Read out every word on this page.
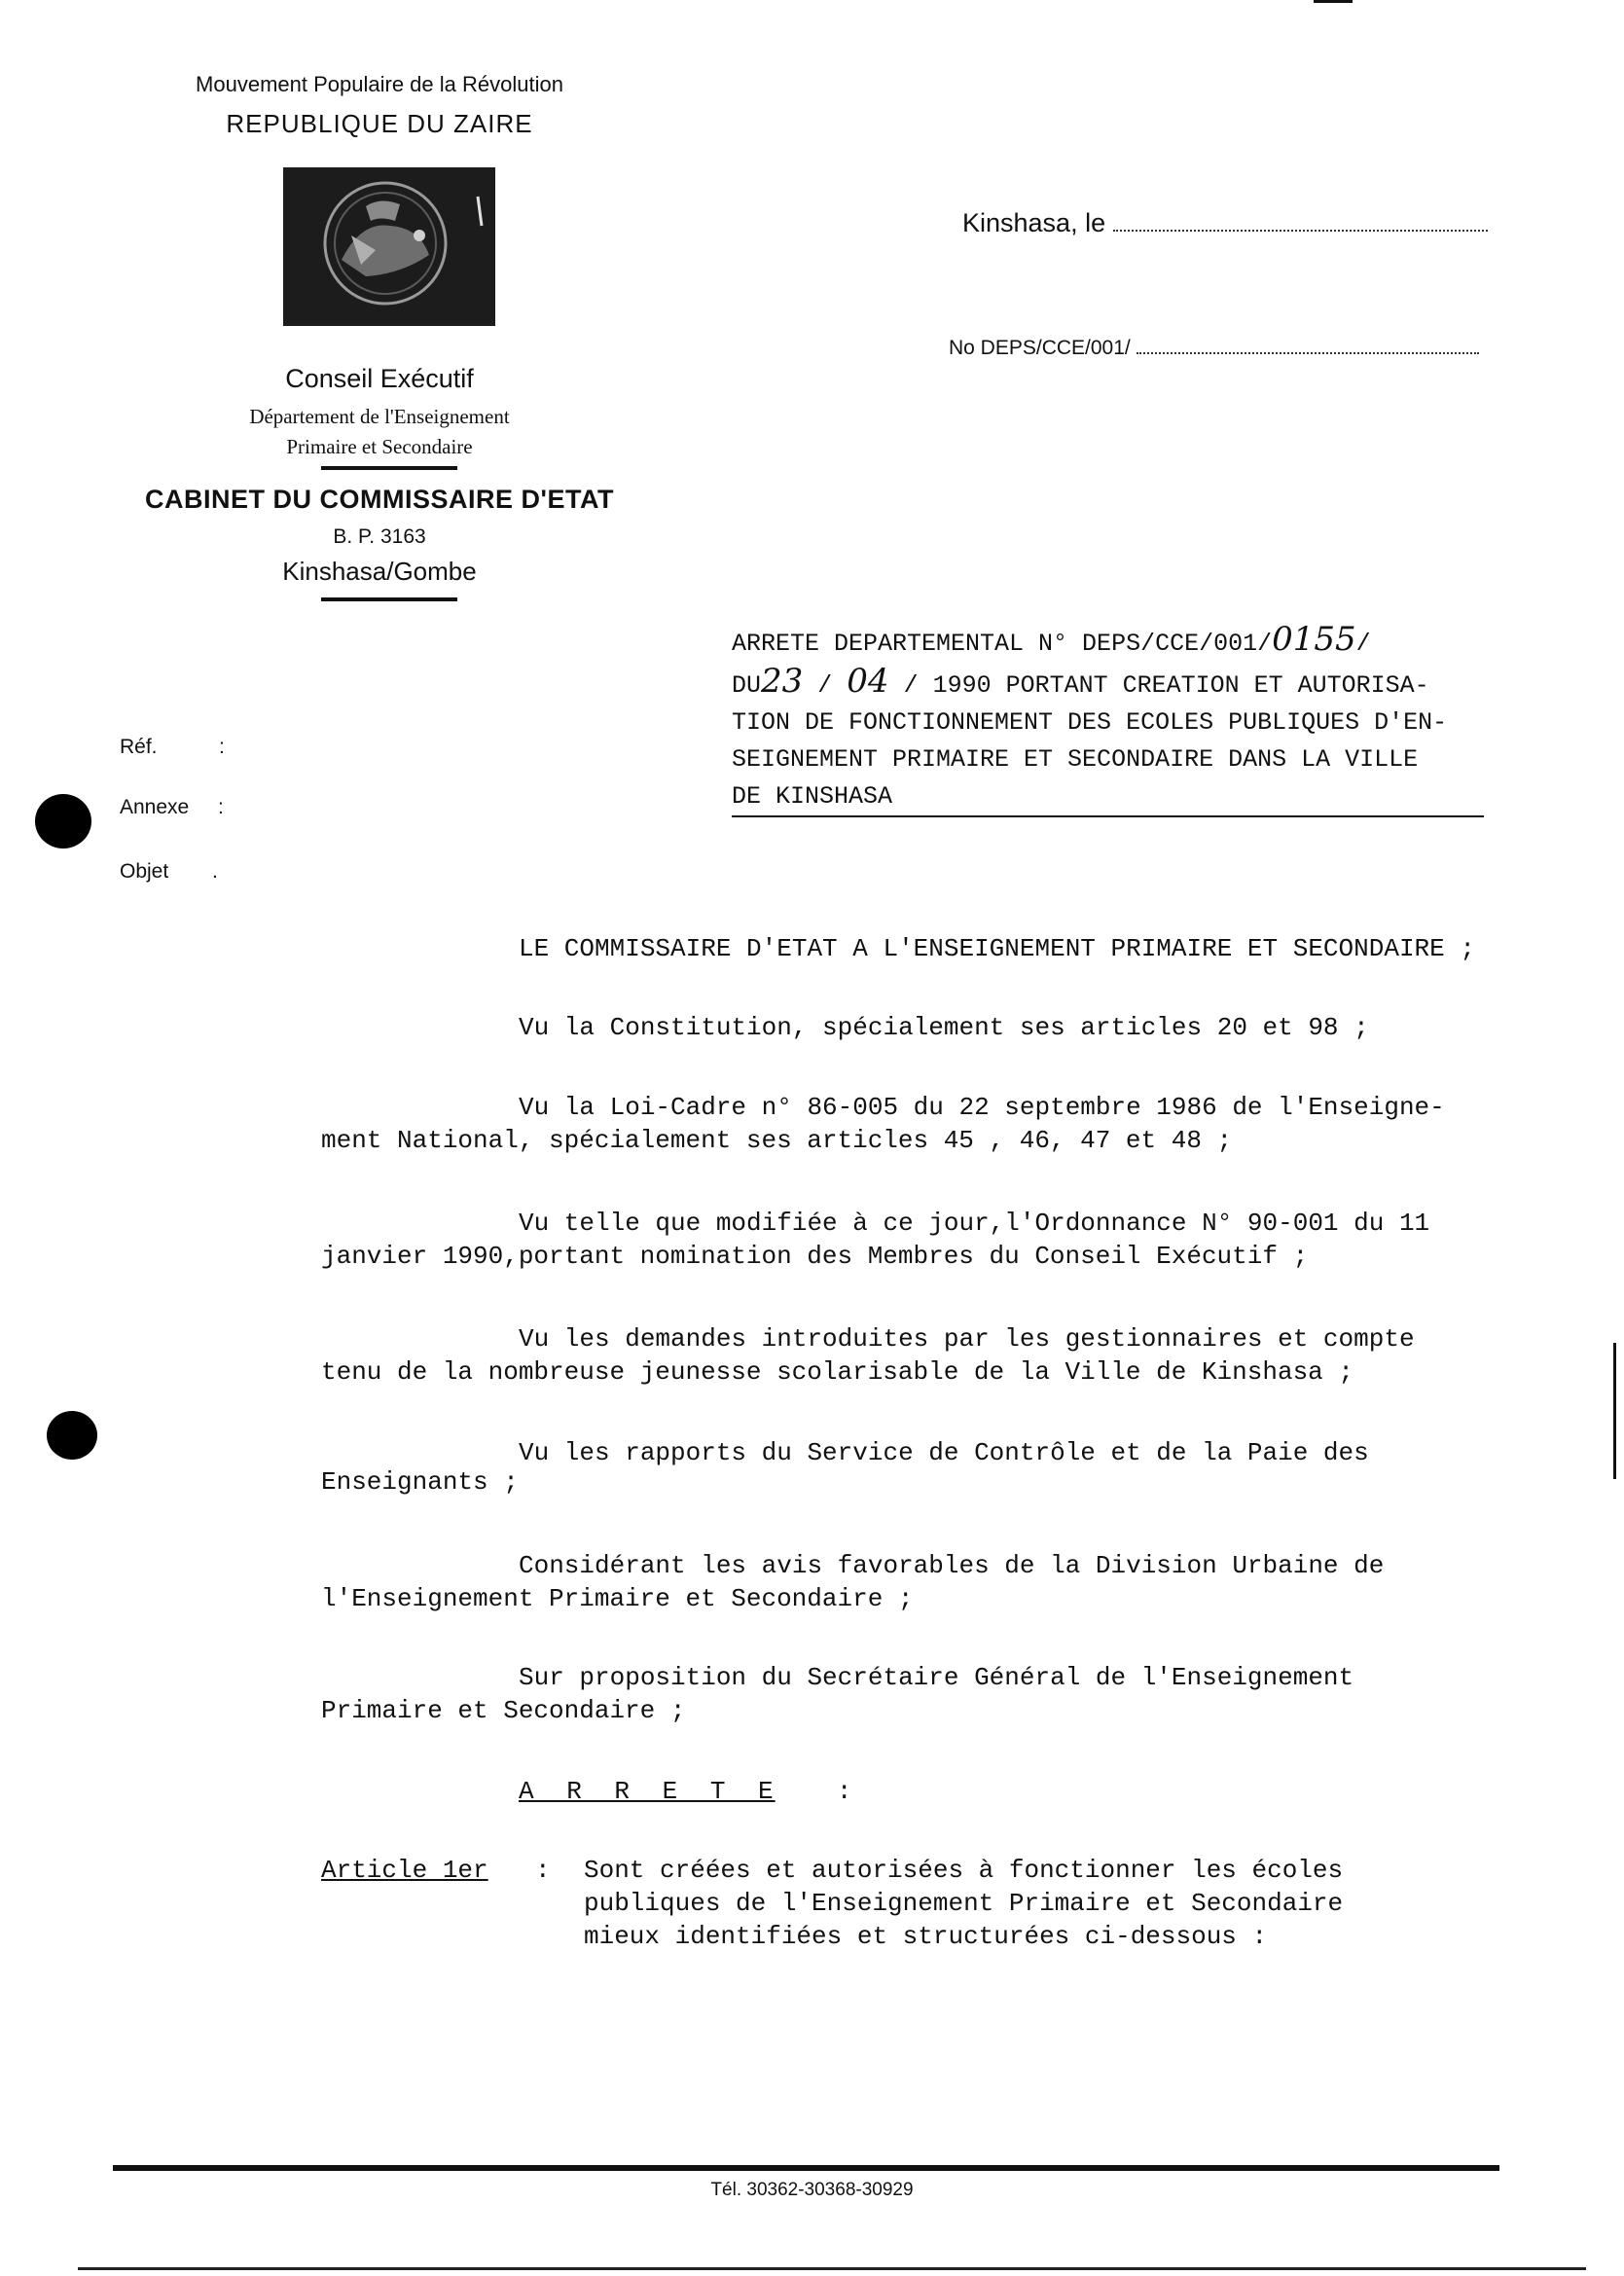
Mouvement Populaire de la Révolution
REPUBLIQUE DU ZAIRE
Conseil Exécutif
Département de l'Enseignement
Primaire et Secondaire
CABINET DU COMMISSAIRE D'ETAT
B. P. 3163
Kinshasa/Gombe
Kinshasa, le
No DEPS/CCE/001/
Réf.	:
Annexe :
Objet .
ARRETE DEPARTEMENTAL N° DEPS/CCE/001/0155/
DU23 / 04 / 1990 PORTANT CREATION ET AUTORISA-
TION DE FONCTIONNEMENT DES ECOLES PUBLIQUES D'EN-
SEIGNEMENT PRIMAIRE ET SECONDAIRE DANS LA VILLE
DE KINSHASA
LE COMMISSAIRE D'ETAT A L'ENSEIGNEMENT PRIMAIRE ET SECONDAIRE ;
Vu la Constitution, spécialement ses articles 20 et 98 ;
Vu la Loi-Cadre n° 86-005 du 22 septembre 1986 de l'Enseigne-
ment National, spécialement ses articles 45 , 46, 47 et 48 ;
Vu telle que modifiée à ce jour,l'Ordonnance N° 90-001 du 11
janvier 1990,portant nomination des Membres du Conseil Exécutif ;
Vu les demandes introduites par les gestionnaires et compte
tenu de la nombreuse jeunesse scolarisable de la Ville de Kinshasa ;
Vu les rapports du Service de Contrôle et de la Paie des
Enseignants ;
Considérant les avis favorables de la Division Urbaine de
l'Enseignement Primaire et Secondaire ;
Sur proposition du Secrétaire Général de l'Enseignement
Primaire et Secondaire ;
A R R E T E :
Article 1er : Sont créées et autorisées à fonctionner les écoles
publiques de l'Enseignement Primaire et Secondaire
mieux identifiées et structurées ci-dessous :
Tél. 30362-30368-30929
